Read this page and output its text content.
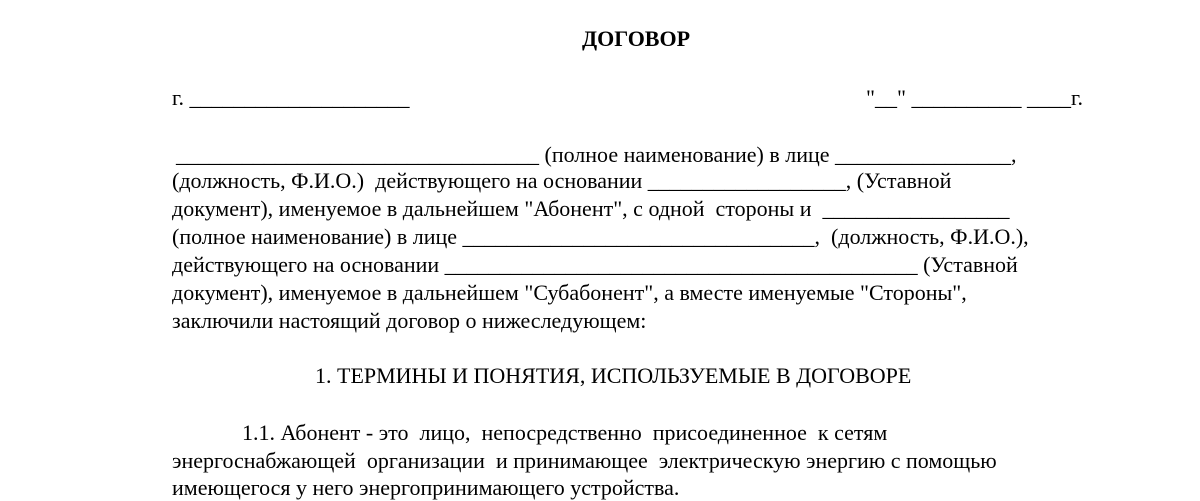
ДОГОВОР
г. ____________________	"__" __________ ____г.
_________________________________ (полное наименование) в лице ________________,
(должность, Ф.И.О.)  действующего на основании __________________, (Уставной
документ), именуемое в дальнейшем "Абонент", с одной  стороны и  _________________
(полное наименование) в лице ________________________________,  (должность, Ф.И.О.),
действующего на основании ___________________________________________ (Уставной
документ), именуемое в дальнейшем "Субабонент", а вместе именуемые "Стороны",
заключили настоящий договор о нижеследующем:
1. ТЕРМИНЫ И ПОНЯТИЯ, ИСПОЛЬЗУЕМЫЕ В ДОГОВОРЕ
1.1. Абонент - это  лицо,  непосредственно  присоединенное  к сетям
энергоснабжающей  организации  и принимающее  электрическую энергию с помощью
имеющегося у него энергопринимающего устройства.
